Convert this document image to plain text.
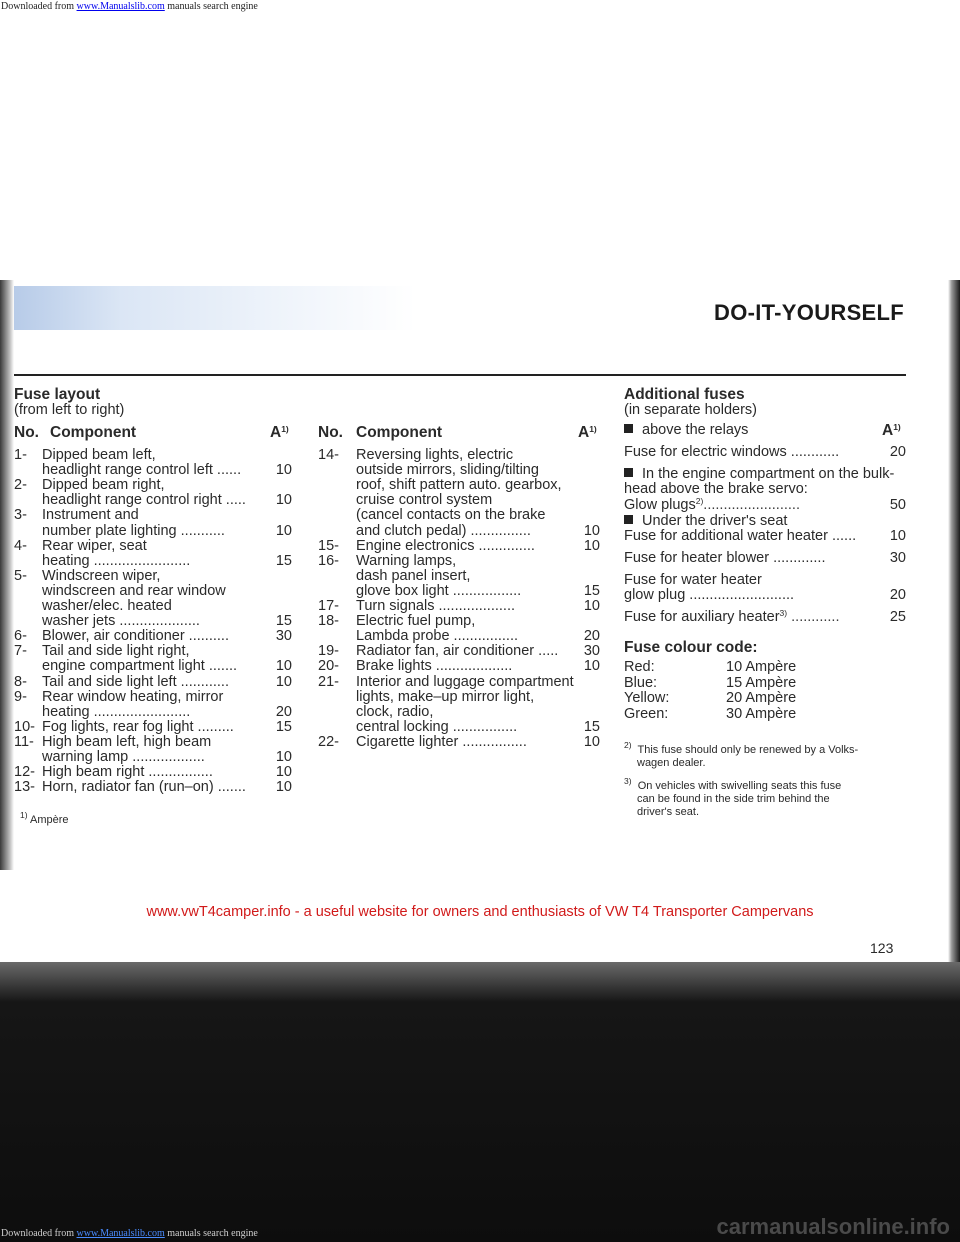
Downloaded from www.Manualslib.com manuals search engine
DO-IT-YOURSELF
Fuse layout
(from left to right)
No. Component	$A^{1)}$
1- Dipped beam left,
headlight range control left ......	10
2- Dipped beam right,
headlight range control right .....	10
3- Instrument and
number plate lighting ...........	10
4- Rear wiper, seat
heating ........................	15
5- Windscreen wiper,
windscreen and rear window
washer/elec. heated
washer jets ....................	15
6- Blower, air conditioner ..........	30
7- Tail and side light right,
engine compartment light .......	10
8- Tail and side light left ............	10
9- Rear window heating, mirror
heating ........................	20
10- Fog lights, rear fog light .........	15
11- High beam left, high beam
warning lamp ..................	10
12- High beam right ................	10
13- Horn, radiator fan (run–on) .......	10
$^{1)}$ Ampère
No. Component	$A^{1)}$
14- Reversing lights, electric
outside mirrors, sliding/tilting
roof, shift pattern auto. gearbox,
cruise control system
(cancel contacts on the brake
and clutch pedal) ...............	10
15- Engine electronics ..............	10
16- Warning lamps,
dash panel insert,
glove box light .................	15
17- Turn signals ...................	10
18- Electric fuel pump,
Lambda probe ................	20
19- Radiator fan, air conditioner .....	30
20- Brake lights ...................	10
21- Interior and luggage compartment
lights, make–up mirror light,
clock, radio,
central locking ................	15
22- Cigarette lighter ................	10
Additional fuses
(in separate holders)
above the relays	$A^{1)}$
Fuse for electric windows ............	20
In the engine compartment on the bulk-
head above the brake servo:
Glow plugs$^{2)}$........................	50
Under the driver's seat
Fuse for additional water heater ......	10
Fuse for heater blower .............	30
Fuse for water heater
glow plug ..........................	20
Fuse for auxiliary heater$^{3)}$ ............	25
Fuse colour code:
Red:	10 Ampère
Blue:	15 Ampère
Yellow:	20 Ampère
Green:	30 Ampère
$^{2)}$ This fuse should only be renewed by a Volks-
wagen dealer.
$^{3)}$ On vehicles with swivelling seats this fuse
can be found in the side trim behind the
driver's seat.
www.vwT4camper.info - a useful website for owners and enthusiasts of VW T4 Transporter Campervans
123
carmanualsonline.info
Downloaded from www.Manualslib.com manuals search engine
